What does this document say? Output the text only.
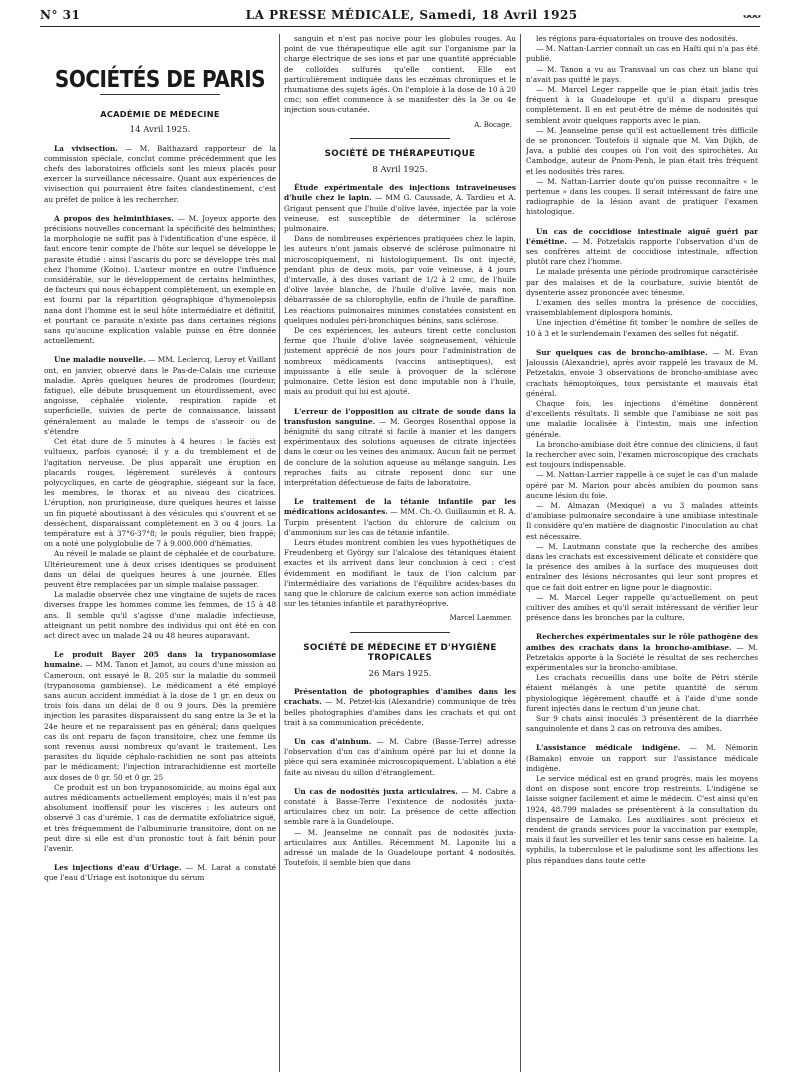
N° 31	LA PRESSE MÉDICALE, Samedi, 18 Avril 1925	ᴗᴗᴗ
SOCIÉTÉS DE PARIS
ACADÉMIE DE MÉDECINE
14 Avril 1925.

La vivisection. — M. Balthazard rapporteur de la commission spéciale, conclut comme précédemment que les chefs des laboratoires officiels sont les mieux placés pour exercer la surveillance nécessaire. Quant aux expériences de vivisection qui pourraient être faites clandestinement, c'est au préfet de police à les rechercher.

A propos des helminthiases. — M. Joyeux apporte des précisions nouvelles concernant la spécificité des helminthes; la morphologie ne suffit pas à l'identification d'une espèce, il faut encore tenir compte de l'hôte sur lequel se développe le parasite étudié : ainsi l'ascaris du porc se développe très mal chez l'homme (Koino). L'auteur montre en outre l'influence considérable, sur le développement de certains helminthes, de facteurs qui nous échappent complètement, un exemple en est fourni par la répartition géographique d'hymenolepsis nana dont l'homme est le seul hôte intermédiaire et définitif, et pourtant ce parasite n'existe pas dans certaines régions sans qu'aucune explication valable puisse en être donnée actuellement.

Une maladie nouvelle. — MM. Leclercq, Leroy et Vaillant ont, en janvier, observé dans le Pas-de-Calais une curieuse maladie. Après quelques heures de prodromes (lourdeur, fatigue), elle débute brusquement un étourdissement, avec angoisse, céphalée violente, respiration rapide et superficielle, suivies de perte de connaissance, laissant généralement au malade le temps de s'asseoir ou de s'étendre

Cet état dure de 5 minutes à 4 heures : le faciès est vultueux, parfois cyanosé; il y a du tremblement et de l'agitation nerveuse. De plus apparaît une éruption en placards rouges, légèrement surélevés à contours polycycliques, en carte de géographie, siégeant sur la face, les membres, le thorax et au niveau des cicatrices. L'éruption, non prurigineuse, dure quelques heures et laisse un fin piqueté aboutissant à des vésicules qui s'ouvrent et se dessèchent, disparaissant complètement en 3 ou 4 jours. La température est à 37°6-37°8; le pouls régulier, bien frappé; on a noté une polyglobulie de 7 à 9.000.000 d'hématies.

Au réveil le malade se plaint de céphalée et de courbature. Ultérieurement une à deux crises identiques se produisent dans un délai de quelques heures à une journée. Elles peuvent être remplacées par un simple malaise passager.

La maladie observée chez une vingtaine de sujets de races diverses frappe les hommes comme les femmes, de 15 à 48 ans. Il semble qu'il s'agisse d'une maladie infectieuse, atteignant un petit nombre des individus qui ont été en con act direct avec un malade 24 ou 48 heures auparavant.

Le produit Bayer 205 dans la trypanosomiase humaine. — MM. Tanon et Jamot, au cours d'une mission au Cameroun, ont essayé le B. 205 sur la maladie du sommeil (trypanosoma gambiense). Le médicament a été employé sans aucun accident immédiat à la dose de 1 gr. en deux ou trois fois dans un délai de 8 ou 9 jours. Dès la première injection les parasites disparaissent du sang entre la 3e et la 24e heure et ne reparaissent pas en général; dans quelques cas ils ont reparu de façon transitoire, chez une femme ils sont revenus aussi nombreux qu'avant le traitement. Les parasites du liquide céphalo-rachidien ne sont pas atteints par le médicament; l'injection intrarachidienne est mortelle aux doses de 0 gr. 50 et 0 gr. 25

Ce produit est un bon trypanosomicide, au moins égal aux autres médicaments actuellement employés; mais il n'est pas absolument inoffensif pour les viscères : les auteurs ont observé 3 cas d'urémie, 1 cas de dermatite exfoliatrice siguë, et très fréquemment de l'albuminurie transitoire, dont on ne peut dire si elle est d'un pronostic tout à fait bénin pour l'avenir.

Les injections d'eau d'Uriage. — M. Larat a constaté que l'eau d'Uriage est isotonique du sérum

sanguin et n'est pas nocive pour les globules rouges. Au point de vue thérapeutique elle agit sur l'organisme par la charge électrique de ses ions et par une quantité appréciable de colloïdes sulfurés qu'elle contient. Elle est particulièrement indiquée dans les eczémas chroniques et le rhumatisme des sujets âgés. On l'emploie à la dose de 10 à 20 cmc; son effet commence à se manifester dès la 3e ou 4e injection sous-cutanée.

A. Bocage.
SOCIÉTÉ DE THÉRAPEUTIQUE
8 Avril 1925.

Étude expérimentale des injections intraveineuses d'huile chez le lapin. — MM G. Caussade, A. Tardieu et A. Grigaut pensent que l'huile d'olive lavée, injectée par la voie veineuse, est susceptible de déterminer la sclérose pulmonaire.

Dans de nombreuses expériences pratiquées chez le lapin, les auteurs n'ont jamais observé de sclérose pulmonaire ni microscopiquement, ni histologiquement. Ils ont injecté, pendant plus de deux mois, par voie veineuse, à 4 jours d'intervalle, à des doses variant de 1/2 à 2 cmc, de l'huile d'olive lavée blanche, de l'huile d'olive lavée, mais non débarrassée de sa chlorophylle, enfin de l'huile de paraffine. Les réactions pulmonaires minimes constatées consistent en quelques nodules péri-bronchiques bénins, sans sclérose.

De ces expériences, les auteurs tirent cette conclusion ferme que l'huile d'olive lavée soigneusement, véhicule justement apprécié de nos jours pour l'administration de nombreux médicaments (vaccins antiseptiques), est impuissante à elle seule à provoquer de la sclérose pulmonaire. Cette lésion est donc imputable non à l'huile, mais au produit qui lui est ajouté.

L'erreur de l'opposition au citrate de soude dans la transfusion sanguine. — M. Georges Rosenthal oppose la bénignité du sang citraté si facile à manier et les dangers expérimentaux des solutions aqueuses de citrate injectées dans le cœur ou les veines des animaux. Aucun fait ne permet de conclure de la solution aqueuse au mélange sanguin. Les reproches faits au citrate reposent donc sur une interprétation défectueuse de faits de laboratoire.

Le traitement de la tétanie infantile par les médications acidosantes. — MM. Ch.-O. Guillaumin et R. A. Turpin présentent l'action du chlorure de calcium ou d'ammonium sur les cas de tétanie infantile.

Leurs études montrent combien les vues hypothétiques de Freudenberg et György sur l'alcalose des tétaniques étaient exactes et ils arrivent dans leur conclusion à ceci : c'est évidemment en modifiant le taux de l'ion calcium par l'intermédiaire des variations de l'équilibre acides-bases du sang que le chlorure de calcium exerce son action immédiate sur les tétanies infantile et parathyréoprive.

Marcel Laemmer.
SOCIÉTÉ DE MÉDECINE ET D'HYGIÈNE TROPICALES
26 Mars 1925.

Présentation de photographies d'amibes dans les crachats. — M. Petzet-kis (Alexandrie) communique de très belles photographies d'amibes dans les crachats et qui ont trait à sa communication précédente.

Un cas d'ainhum. — M. Cabre (Basse-Terre) adresse l'observation d'un cas d'ainhum opéré par lui et donne la pièce qui sera examinée microscopiquement. L'ablation a été faite au niveau du sillon d'étranglement.

Un cas de nodosités juxta articulaires. — M. Cabre a constaté à Basse-Terre l'existence de nodosités juxta-articulaires chez un noir. La présence de cette affection semble rare à la Guadeloupe.

— M. Jeanselme ne connaît pas de nodosités juxta-articulaires aux Antilles. Récemment M. Laponite lui a adressé un malade de la Guadeloupe portant 4 nodosités. Toutefois, il semble bien que dans

les régions para-équatoriales on trouve des nodosités.

— M. Nattan-Larrier connaît un cas en Haïti qui n'a pas été publié.

— M. Tanon a vu au Transvaal un cas chez un blanc qui n'avait pas quitté le pays.

— M. Marcel Leger rappelle que le pian était jadis très fréquent à la Guadeloupe et qu'il a disparu presque complètement. Il en est peut-être de même de nodosités qui semblent avoir quelques rapports avec le pian.

— M. Jeanselme pense qu'il est actuellement très difficile de se prononcer. Toutefois il signale que M. Van Dijkh, de Java, a publié des coupes où l'on voit des spirochètes. Au Cambodge, auteur de Pnom-Penh, le pian était très fréquent et les nodosités très rares.

— M. Nattan-Larrier doute qu'on puisse reconnaître « le pertenue » dans les coupes. Il serait intéressant de faire une radiographie de la lésion avant de pratiquer l'examen histologique.

Un cas de coccidiose intestinale aiguë guéri par l'émétine. — M. Potzetakis rapporte l'observation d'un de ses confrères atteint de coccidiose intestinale, affection plutôt rare chez l'homme.

Le malade présenta une période prodromique caractérisée par des malaises et de la courbature, suivie bientôt de dysenterie assez prononcée avec ténesme.

L'examen des selles montra la présence de coccidies, vraisemblablement diplospora hominis.

Une injection d'émétine fit tomber le nombre de selles de 10 à 3 et le surlendemain l'examen des selles fut négatif.

Sur quelques cas de broncho-amibiase. — M. Evan Jaloussis (Alexandrie), après avoir rappelé les travaux de M. Petzetakis, envoie 3 observations de broncho-amibiase avec crachats hémoptoïques, toux persistante et mauvais état général.

Chaque fois, les injections d'émétine donnèrent d'excellents résultats. Il semble que l'amibiase ne soit pas une maladie localisée à l'intestin, mais une infection générale.

La broncho-amibiase doit être connue des cliniciens, il faut la rechercher avec soin, l'examen microscopique des crachats est toujours indispensable.

— M. Nattan-Larrier rappelle à ce sujet le cas d'un malade opéré par M. Marion pour abcès amibien du poumon sans aucune lésion du foie.

— M. Almazan (Mexique) a vu 3 malades atteints d'amibiase pulmonaire secondaire à une amibiase intestinale Il considère qu'en matière de diagnostic l'inoculation au chat est nécessaire.

— M. Lautmann constate que la recherche des amibes dans les crachats est excessivement délicate et considère que la présence des amibes à la surface des muqueuses doit entraîner des lésions nécrosantes qui leur sont propres et que ce fait doit entrer en ligne pour le diagnostic.

— M. Marcel Leger rappelle qu'actuellement on peut cultiver des amibes et qu'il serait intéressant de vérifier leur présence dans les bronches par la culture.

Recherches expérimentales sur le rôle pathogène des amibes des crachats dans la broncho-amibiase. — M. Petzetakis apporte à la Société le résultat de ses recherches expérimentales sur la broncho-amibiase.

Les crachats recueillis dans une boîte de Pétri stérile étaient mélangés à une petite quantité de sérum physiologique légèrement chauffé et à l'aide d'une sonde furent injectés dans le rectum d'un jeune chat.

Sur 9 chats ainsi inoculés 3 présentèrent de la diarrhée sanguinolente et dans 2 cas on retrouva des amibes.

L'assistance médicale indigène. — M. Némorin (Bamako) envoie un rapport sur l'assistance médicale indigène.

Le service médical est en grand progrès, mais les moyens dont on dispose sont encore trop restreints. L'indigène se laisse soigner facilement et aime le médecin. C'est ainsi qu'en 1924, 48.799 malades se présentèrent à la consultation du dispensaire de Lamako. Les auxiliaires sont précieux et rendent de grands services pour la vaccination par exemple, mais il faut les surveiller et les tenir sans cesse en haleine. La syphilis, la tuberculose et le paludisme sont les affections les plus répandues dans toute cette
